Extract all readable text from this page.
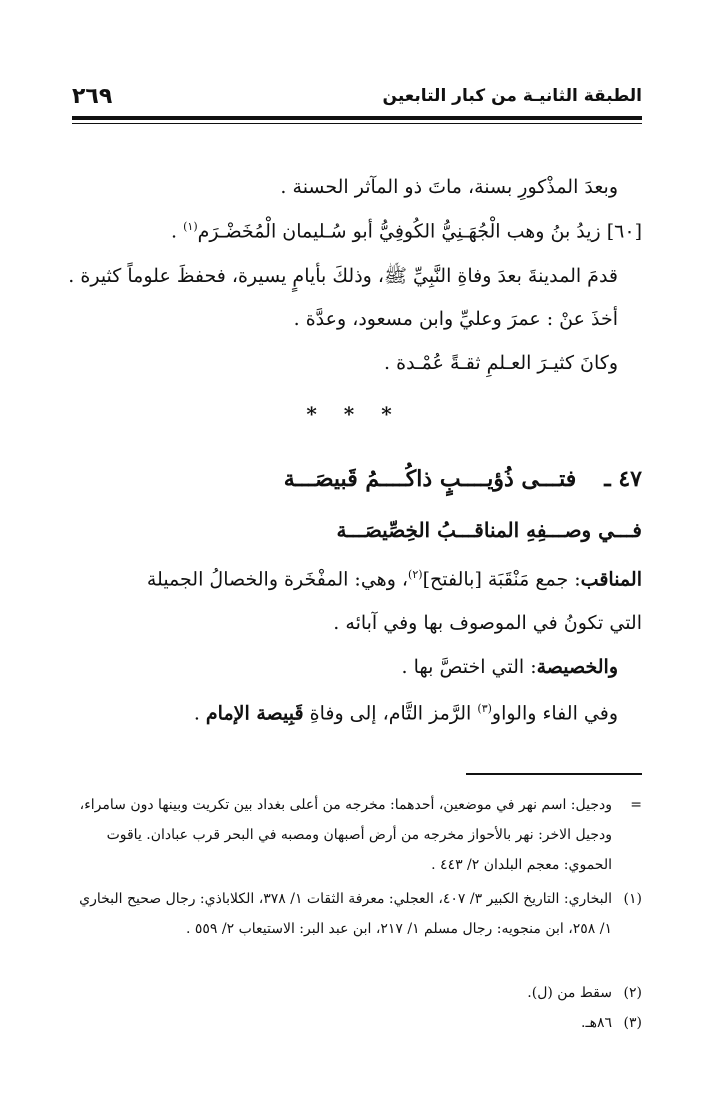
الطبقة الثانيـة من كبار التابعين
٢٦٩
وبعدَ المذْكورِ بسنة، ماتَ ذو المآثر الحسنة .
[٦٠] زيدُ بنُ وهب الْجُهَـنِيُّ الكُوفِيُّ أبو سُـليمان الْمُخَضْـرَم$^{(١)}$ .
قدمَ المدينةَ بعدَ وفاةِ النَّبِيِّ ﷺ، وذلكَ بأيامٍ يسيرة، فحفظَ علوماً كثيرة .
أخذَ عنْ : عمرَ وعليِّ وابن مسعود، وعدَّة .
وكانَ كثيـرَ العـلمِ ثقـةً عُمْـدة .
* * *
٤٧ ـفتـــى ذُؤيــــبٍ ذاكُــــمُ قَبيصَـــة
فـــي وصـــفِهِ المناقـــبُ الخِصِّيصَـــة
المناقب: جمع مَنْقَبَة [بالفتح]$^{(٢)}$، وهي: المفْخَرة والخصالُ الجميلة
التي تكونُ في الموصوف بها وفي آبائه .
والخصيصة: التي اختصَّ بها .
وفي الفاء والواو$^{(٣)}$ الرَّمز التَّام، إلى وفاةِ قَبِيصة الإمام .
=
ودجيل: اسم نهر في موضعين، أحدهما: مخرجه من أعلى بغداد بين تكريت وبينها دون سامراء، ودجيل الاخر: نهر بالأحواز مخرجه من أرض أصبهان ومصبه في البحر قرب عبادان. ياقوت الحموي: معجم البلدان ٢/ ٤٤٣ .
(١)
البخاري: التاريخ الكبير ٣/ ٤٠٧، العجلي: معرفة الثقات ١/ ٣٧٨، الكلاباذي: رجال صحيح البخاري ١/ ٢٥٨، ابن منجويه: رجال مسلم ١/ ٢١٧، ابن عبد البر: الاستيعاب ٢/ ٥٥٩ .
(٢)
سقط من (ل).
(٣)
٨٦هـ.
